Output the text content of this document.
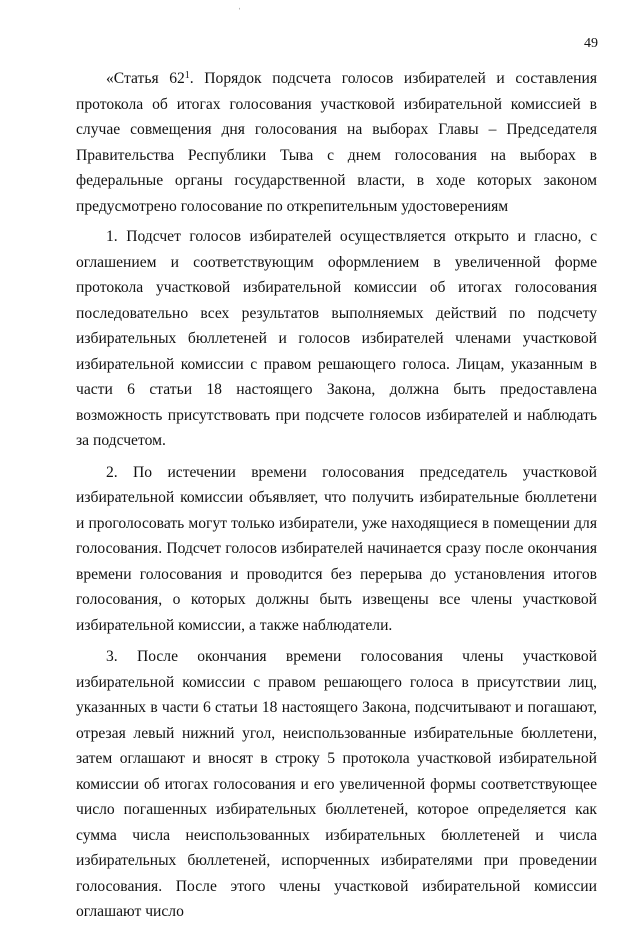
ˌ
49

«Статья $62^1$. Порядок подсчета голосов избирателей и составления протокола об итогах голосования участковой избирательной комиссией в случае совмещения дня голосования на выборах Главы – Председателя Правительства Республики Тыва с днем голосования на выборах в федеральные органы государственной власти, в ходе которых законом предусмотрено голосование по открепительным удостоверениям

1. Подсчет голосов избирателей осуществляется открыто и гласно, с оглашением и соответствующим оформлением в увеличенной форме протокола участковой избирательной комиссии об итогах голосования последовательно всех результатов выполняемых действий по подсчету избирательных бюллетеней и голосов избирателей членами участковой избирательной комиссии с правом решающего голоса. Лицам, указанным в части 6 статьи 18 настоящего Закона, должна быть предоставлена возможность присутствовать при подсчете голосов избирателей и наблюдать за подсчетом.

2. По истечении времени голосования председатель участковой избирательной комиссии объявляет, что получить избирательные бюллетени и проголосовать могут только избиратели, уже находящиеся в помещении для голосования. Подсчет голосов избирателей начинается сразу после окончания времени голосования и проводится без перерыва до установления итогов голосования, о которых должны быть извещены все члены участковой избирательной комиссии, а также наблюдатели.

3. После окончания времени голосования члены участковой избирательной комиссии с правом решающего голоса в присутствии лиц, указанных в части 6 статьи 18 настоящего Закона, подсчитывают и погашают, отрезая левый нижний угол, неиспользованные избирательные бюллетени, затем оглашают и вносят в строку 5 протокола участковой избирательной комиссии об итогах голосования и его увеличенной формы соответствующее число погашенных избирательных бюллетеней, которое определяется как сумма числа неиспользованных избирательных бюллетеней и числа избирательных бюллетеней, испорченных избирателями при проведении голосования. После этого члены участковой избирательной комиссии оглашают число
